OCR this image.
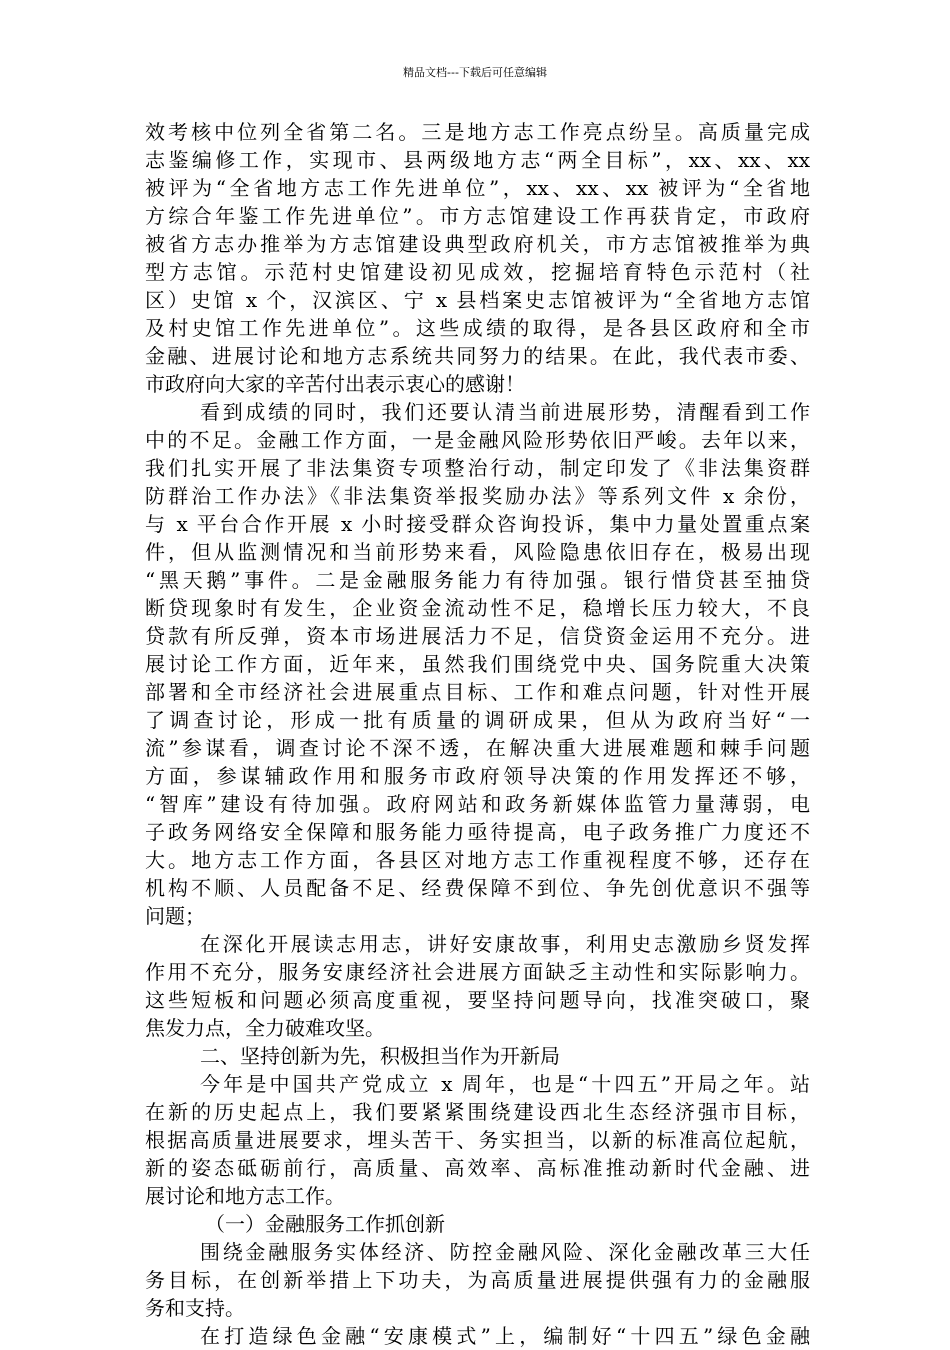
精品文档---下载后可任意编辑
效考核中位列全省第二名。三是地方志工作亮点纷呈。高质量完成
志鉴编修工作，实现市、县两级地方志“两全目标”，xx、xx、xx
被评为“全省地方志工作先进单位”，xx、xx、xx 被评为“全省地
方综合年鉴工作先进单位”。市方志馆建设工作再获肯定，市政府
被省方志办推举为方志馆建设典型政府机关，市方志馆被推举为典
型方志馆。示范村史馆建设初见成效，挖掘培育特色示范村（社
区）史馆 x 个，汉滨区、宁 x 县档案史志馆被评为“全省地方志馆
及村史馆工作先进单位”。这些成绩的取得，是各县区政府和全市
金融、进展讨论和地方志系统共同努力的结果。在此，我代表市委、
市政府向大家的辛苦付出表示衷心的感谢！
看到成绩的同时，我们还要认清当前进展形势，清醒看到工作
中的不足。金融工作方面，一是金融风险形势依旧严峻。去年以来，
我们扎实开展了非法集资专项整治行动，制定印发了《非法集资群
防群治工作办法》《非法集资举报奖励办法》等系列文件 x 余份，
与 x 平台合作开展 x 小时接受群众咨询投诉，集中力量处置重点案
件，但从监测情况和当前形势来看，风险隐患依旧存在，极易出现
“黑天鹅”事件。二是金融服务能力有待加强。银行惜贷甚至抽贷
断贷现象时有发生，企业资金流动性不足，稳增长压力较大，不良
贷款有所反弹，资本市场进展活力不足，信贷资金运用不充分。进
展讨论工作方面，近年来，虽然我们围绕党中央、国务院重大决策
部署和全市经济社会进展重点目标、工作和难点问题，针对性开展
了调查讨论，形成一批有质量的调研成果，但从为政府当好“一
流”参谋看，调查讨论不深不透，在解决重大进展难题和棘手问题
方面，参谋辅政作用和服务市政府领导决策的作用发挥还不够，
“智库”建设有待加强。政府网站和政务新媒体监管力量薄弱，电
子政务网络安全保障和服务能力亟待提高，电子政务推广力度还不
大。地方志工作方面，各县区对地方志工作重视程度不够，还存在
机构不顺、人员配备不足、经费保障不到位、争先创优意识不强等
问题；
在深化开展读志用志，讲好安康故事，利用史志激励乡贤发挥
作用不充分，服务安康经济社会进展方面缺乏主动性和实际影响力。
这些短板和问题必须高度重视，要坚持问题导向，找准突破口，聚
焦发力点，全力破难攻坚。
二、坚持创新为先，积极担当作为开新局
今年是中国共产党成立 x 周年，也是“十四五”开局之年。站
在新的历史起点上，我们要紧紧围绕建设西北生态经济强市目标，
根据高质量进展要求，埋头苦干、务实担当，以新的标准高位起航，
新的姿态砥砺前行，高质量、高效率、高标准推动新时代金融、进
展讨论和地方志工作。
（一）金融服务工作抓创新
围绕金融服务实体经济、防控金融风险、深化金融改革三大任
务目标，在创新举措上下功夫，为高质量进展提供强有力的金融服
务和支持。
在打造绿色金融“安康模式”上，编制好“十四五”绿色金融
